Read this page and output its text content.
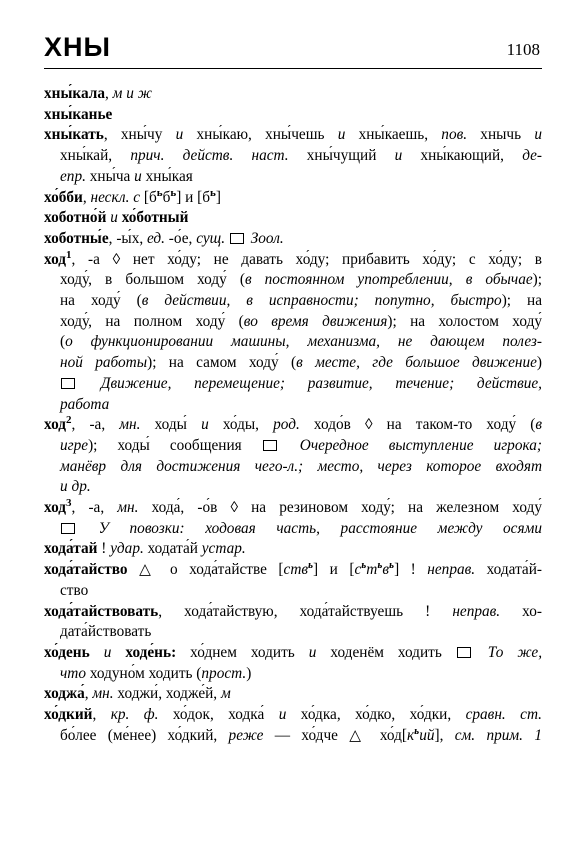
ХНЫ	1108
хны́кала, м и ж
хны́канье
хны́кать, хны́чу и хны́каю, хны́чешь и хны́каешь, пов. хнычь и
хны́кай, прич. действ. наст. хны́чущий и хны́кающий, де-
епр. хны́ча и хны́кая
хо́бби, нескл. с $[б^ьб^ь]$ и $[б^ь]$
хоботно́й и хо́ботный
хоботны́е, -ы́х, ед. -о́е, сущ. Зоол.
ход$^1$, -а ◊ нет хо́ду; не давать хо́ду; прибавить хо́ду; с хо́ду; в
ходу́, в большом ходу́ (в постоянном употреблении, в обычае);
на ходу́ (в действии, в исправности; попутно, быстро); на
ходу́, на полном ходу́ (во время движения); на холостом ходу́
(о функционировании машины, механизма, не дающем полез-
ной работы); на самом ходу́ (в месте, где большое движение)
Движение, перемещение; развитие, течение; действие,
работа
ход$^2$, -а, мн. ходы́ и хо́ды, род. ходо́в ◊ на таком-то ходу́ (в
игре); ходы́ сообщения  Очередное выступление игрока;
манёвр для достижения чего-л.; место, через которое входят
и др.
ход$^3$, -а, мн. хода́, -о́в ◊ на резиновом ходу́; на железном ходу́
У повозки: ходовая часть, расстояние между осями
хода́тай ! удар. ходата́й устар.
хода́тайство △ о хода́тайстве [ств$^ь$] и $[с^ьт^ьв^ь]$ ! неправ. ходата́й-
ство
хода́тайствовать, хода́тайствую, хода́тайствуешь ! неправ. хо-
дата́йствовать
хо́день и ходе́нь: хо́днем ходить и ходенём ходить  То же,
что ходуно́м ходить (прост.)
ходжа́, мн. ходжи́, ходже́й, м
хо́дкий, кр. ф. хо́док, ходка́ и хо́дка, хо́дко, хо́дки, сравн. ст.
бо́лее (ме́нее) хо́дкий, реже — хо́дче △ $хо́д[к^ьий]$, см. прим. 1
